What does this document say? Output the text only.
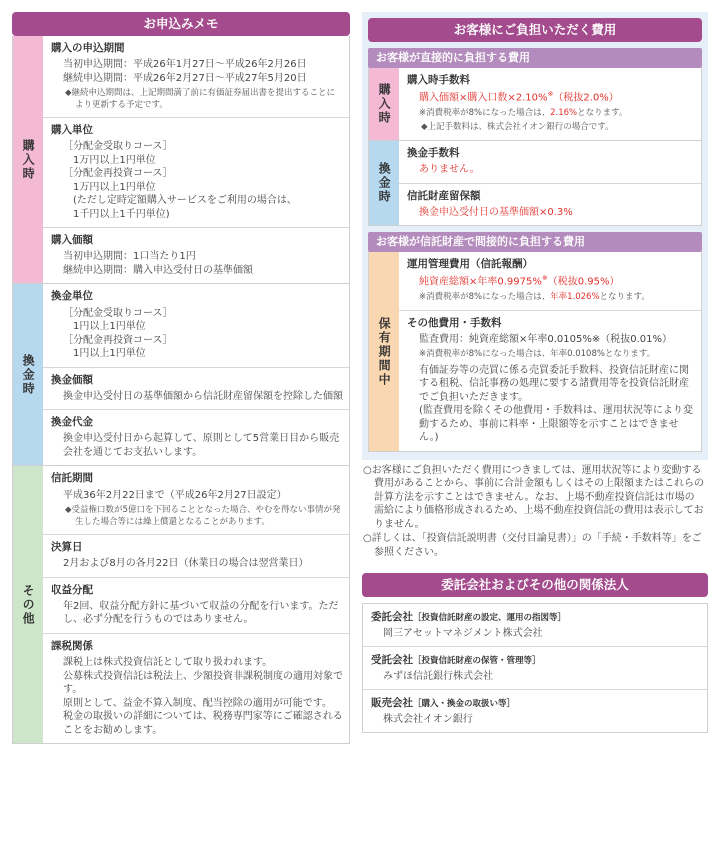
お申込みメモ
購入時
購入の申込期間
当初申込期間：平成26年1月27日〜平成26年2月26日
継続申込期間：平成26年2月27日〜平成27年5月20日
◆継続申込期間は、上記期間満了前に有価証券届出書を提出することにより更新する予定です。
購入単位
［分配金受取りコース］
　1万円以上1円単位
［分配金再投資コース］
　1万円以上1円単位
　(ただし定時定額購入サービスをご利用の場合は、
　1千円以上1千円単位)
購入価額
当初申込期間：1口当たり1円
継続申込期間：購入申込受付日の基準価額
換金時
換金単位
［分配金受取りコース］
　1円以上1円単位
［分配金再投資コース］
　1円以上1円単位
換金価額
換金申込受付日の基準価額から信託財産留保額を控除した価額
換金代金
換金申込受付日から起算して、原則として5営業日目から販売会社を通じてお支払いします。
その他
信託期間
平成36年2月22日まで（平成26年2月27日設定）
◆受益権口数が5億口を下回ることとなった場合、やむを得ない事情が発生した場合等には繰上償還となることがあります。
決算日
2月および8月の各月22日（休業日の場合は翌営業日）
収益分配
年2回、収益分配方針に基づいて収益の分配を行います。ただし、必ず分配を行うものではありません。
課税関係
課税上は株式投資信託として取り扱われます。
公募株式投資信託は税法上、少額投資非課税制度の適用対象です。
原則として、益金不算入制度、配当控除の適用が可能です。
税金の取扱いの詳細については、税務専門家等にご確認されることをお勧めします。
お客様にご負担いただく費用
お客様が直接的に負担する費用
購入時
購入時手数料
購入価額×購入口数×2.10%※（税抜2.0%）
※消費税率が8%になった場合は、2.16%となります。
◆上記手数料は、株式会社イオン銀行の場合です。
換金時
換金手数料
ありません。
信託財産留保額
換金申込受付日の基準価額×0.3%
お客様が信託財産で間接的に負担する費用
保有期間中
運用管理費用（信託報酬）
純資産総額×年率0.9975%※（税抜0.95%）
※消費税率が8%になった場合は、年率1.026%となります。
その他費用・手数料
監査費用：純資産総額×年率0.0105%※（税抜0.01%）
※消費税率が8%になった場合は、年率0.0108%となります。
有価証券等の売買に係る売買委託手数料、投資信託財産に関する租税、信託事務の処理に要する諸費用等を投資信託財産でご負担いただきます。
(監査費用を除くその他費用・手数料は、運用状況等により変動するため、事前に料率・上限額等を示すことはできません。)
○お客様にご負担いただく費用につきましては、運用状況等により変動する費用があることから、事前に合計金額もしくはその上限額またはこれらの計算方法を示すことはできません。なお、上場不動産投資信託は市場の需給により価格形成されるため、上場不動産投資信託の費用は表示しておりません。
○詳しくは、「投資信託説明書（交付目論見書）」の「手続・手数料等」をご参照ください。
委託会社およびその他の関係法人
委託会社［投資信託財産の設定、運用の指図等］
岡三アセットマネジメント株式会社
受託会社［投資信託財産の保管・管理等］
みずほ信託銀行株式会社
販売会社［購入・換金の取扱い等］
株式会社イオン銀行
